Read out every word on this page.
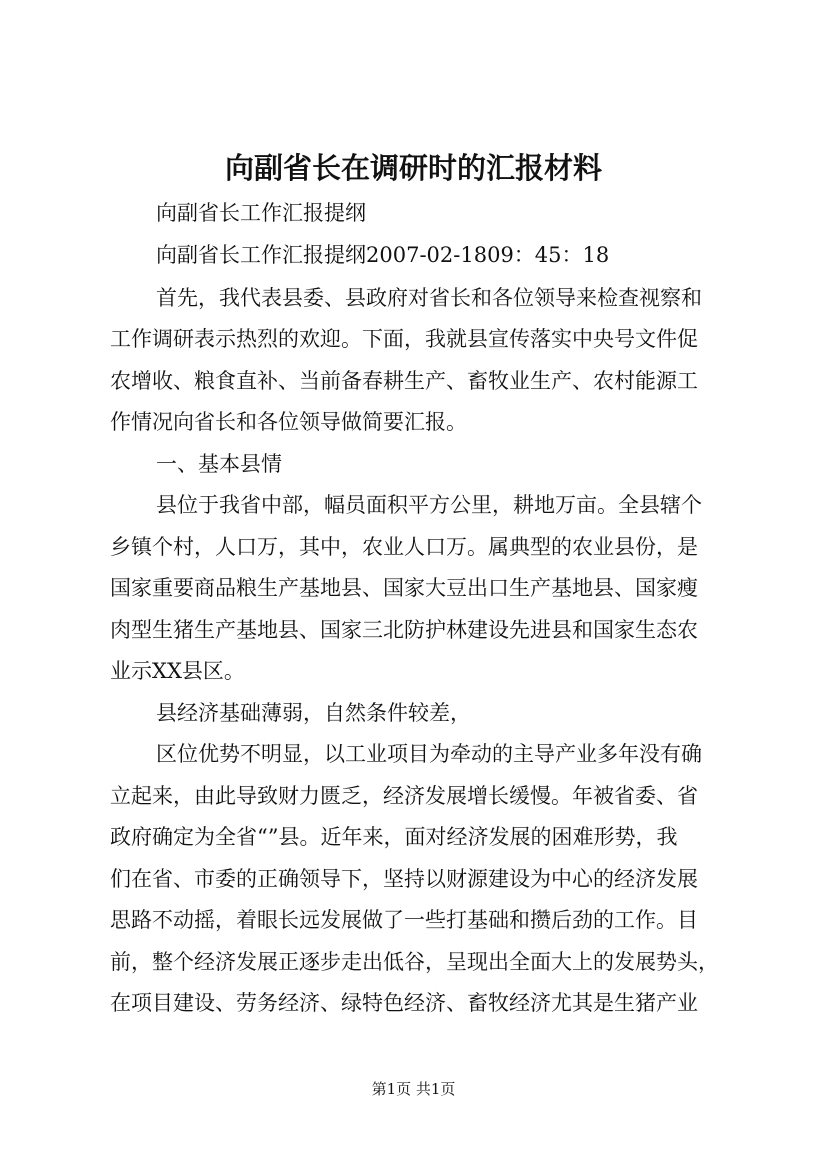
向副省长在调研时的汇报材料
向副省长工作汇报提纲
向副省长工作汇报提纲2007-02-1809：45：18
首先，我代表县委、县政府对省长和各位领导来检查视察和
工作调研表示热烈的欢迎。下面，我就县宣传落实中央号文件促
农增收、粮食直补、当前备春耕生产、畜牧业生产、农村能源工
作情况向省长和各位领导做简要汇报。
一、基本县情
县位于我省中部，幅员面积平方公里，耕地万亩。全县辖个
乡镇个村，人口万，其中，农业人口万。属典型的农业县份，是
国家重要商品粮生产基地县、国家大豆出口生产基地县、国家瘦
肉型生猪生产基地县、国家三北防护林建设先进县和国家生态农
业示XX县区。
县经济基础薄弱，自然条件较差，
区位优势不明显，以工业项目为牵动的主导产业多年没有确
立起来，由此导致财力匮乏，经济发展增长缓慢。年被省委、省
政府确定为全省“”县。近年来，面对经济发展的困难形势，我
们在省、市委的正确领导下，坚持以财源建设为中心的经济发展
思路不动摇，着眼长远发展做了一些打基础和攒后劲的工作。目
前，整个经济发展正逐步走出低谷，呈现出全面大上的发展势头，
在项目建设、劳务经济、绿特色经济、畜牧经济尤其是生猪产业
第1页 共1页
